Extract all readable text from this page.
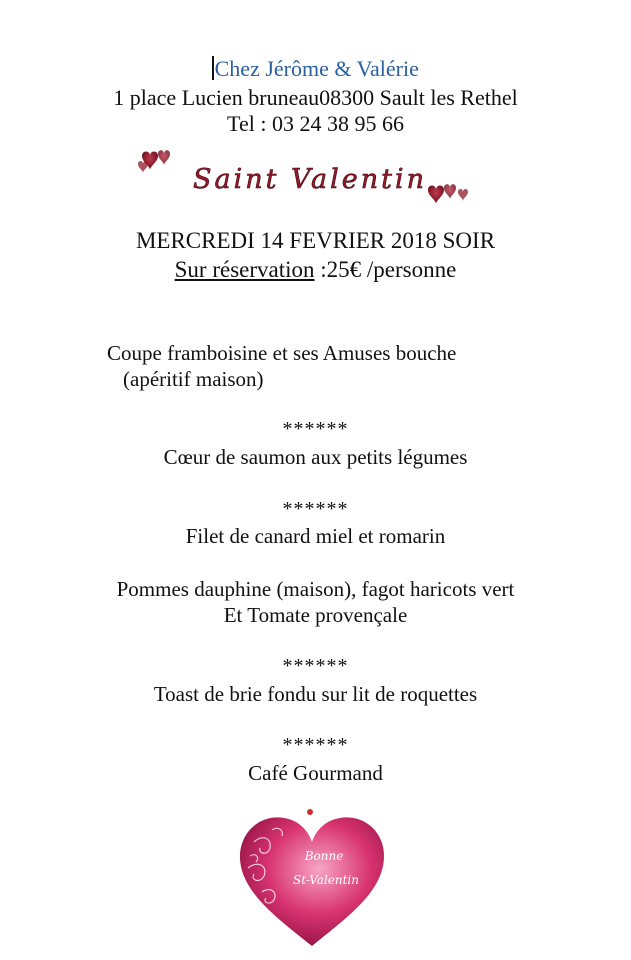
Chez Jérôme & Valérie
1 place Lucien bruneau08300 Sault les Rethel
Tel : 03 24 38 95 66
Saint Valentin
MERCREDI 14 FEVRIER 2018 SOIR
Sur réservation :25€ /personne
Coupe framboisine et ses Amuses bouche
(apéritif maison)
******
Cœur de saumon aux petits légumes
******
Filet de canard miel et romarin
Pommes dauphine (maison), fagot haricots vert
Et Tomate provençale
******
Toast de brie fondu sur lit de roquettes
******
Café Gourmand
Bonne
St-Valentin
